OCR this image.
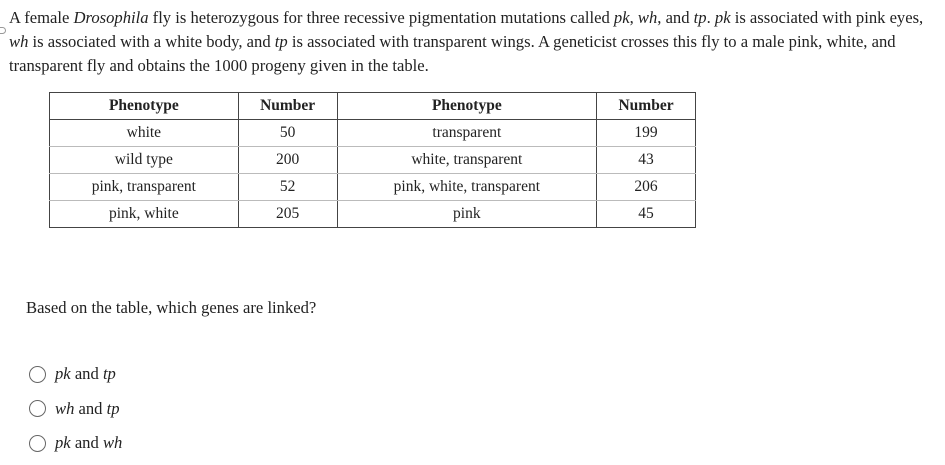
A female Drosophila fly is heterozygous for three recessive pigmentation mutations called pk, wh, and tp. pk is associated with pink eyes, wh is associated with a white body, and tp is associated with transparent wings. A geneticist crosses this fly to a male pink, white, and transparent fly and obtains the 1000 progeny given in the table.

Phenotype	Number	Phenotype	Number
white	50	transparent	199
wild type	200	white, transparent	43
pink, transparent	52	pink, white, transparent	206
pink, white	205	pink	45

Based on the table, which genes are linked?

pk and tp
wh and tp
pk and wh
